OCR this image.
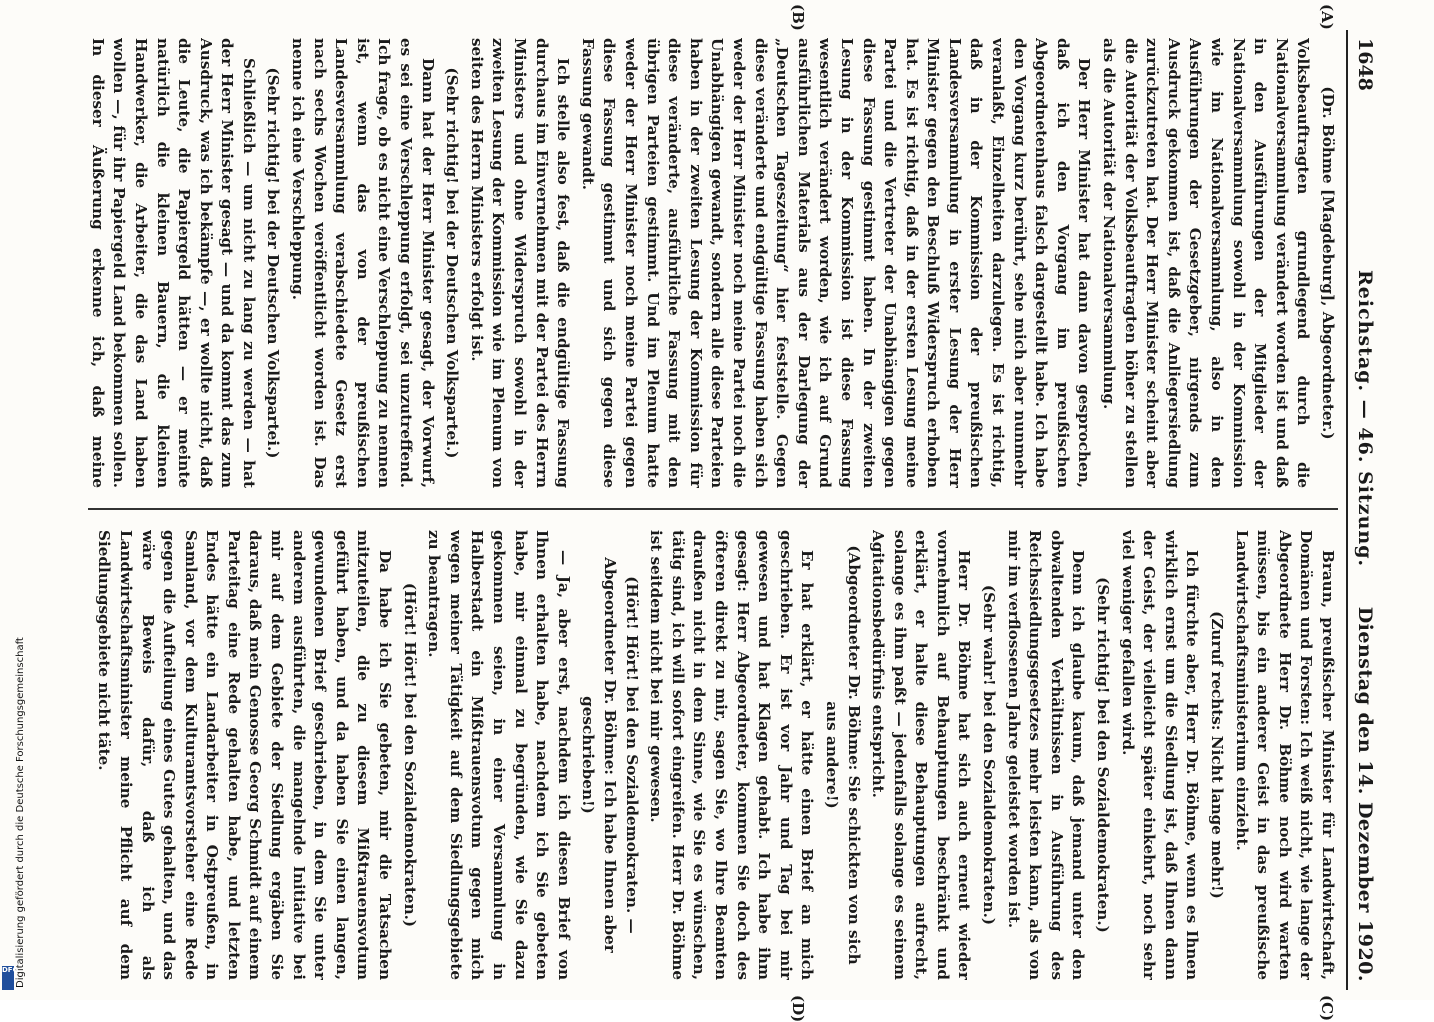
1648
Reichstag. — 46. Sitzung.
Dienstag den 14. Dezember 1920.
(A)
(B)
(C)
(D)

(Dr. Böhme [Magdeburg], Abgeordneter.)

Volksbeauftragten grundlegend durch die Nationalversammlung verändert worden ist und daß in den Ausführungen der Mitglieder der Nationalversammlung sowohl in der Kommission wie im Nationalversammlung, also in den Ausführungen der Gesetzgeber, nirgends zum Ausdruck gekommen ist, daß die Anliegersiedlung zurückzutreten hat. Der Herr Minister scheint aber die Autorität der Volksbeauftragten höher zu stellen als die Autorität der Nationalversammlung.

Der Herr Minister hat dann davon gesprochen, daß ich den Vorgang im preußischen Abgeordnetenhaus falsch dargestellt habe. Ich habe den Vorgang kurz berührt, sehe mich aber nunmehr veranlaßt, Einzelheiten darzulegen. Es ist richtig, daß in der Kommission der preußischen Landesversammlung in erster Lesung der Herr Minister gegen den Beschluß Widerspruch erhoben hat. Es ist richtig, daß in der ersten Lesung meine Partei und die Vertreter der Unabhängigen gegen diese Fassung gestimmt haben. In der zweiten Lesung in der Kommission ist diese Fassung wesentlich verändert worden, wie ich auf Grund ausführlichen Materials aus der Darlegung der „Deutschen Tageszeitung“ hier feststelle. Gegen diese veränderte und endgültige Fassung haben sich weder der Herr Minister noch meine Partei noch die Unabhängigen gewandt, sondern alle diese Parteien haben in der zweiten Lesung der Kommission für diese veränderte, ausführliche Fassung mit den übrigen Parteien gestimmt. Und im Plenum hatte weder der Herr Minister noch meine Partei gegen diese Fassung gestimmt und sich gegen diese Fassung gewandt.

Ich stelle also fest, daß die endgültige Fassung durchaus im Einvernehmen mit der Partei des Herrn Ministers und ohne Widerspruch sowohl in der zweiten Lesung der Kommission wie im Plenum von seiten des Herrn Ministers erfolgt ist.

(Sehr richtig! bei der Deutschen Volkspartei.)

Dann hat der Herr Minister gesagt, der Vorwurf, es sei eine Verschleppung erfolgt, sei unzutreffend. Ich frage, ob es nicht eine Verschleppung zu nennen ist, wenn das von der preußischen Landesversammlung verabschiedete Gesetz erst nach sechs Wochen veröffentlicht worden ist. Das nenne ich eine Verschleppung.

(Sehr richtig! bei der Deutschen Volkspartei.)

Schließlich — um nicht zu lang zu werden — hat der Herr Minister gesagt — und da kommt das zum Ausdruck, was ich bekämpfe —, er wollte nicht, daß die Leute, die Papiergeld hätten — er meinte natürlich die kleinen Bauern, die kleinen Handwerker, die Arbeiter, die das Land haben wollen —, für ihr Papiergeld Land bekommen sollen. In dieser Äußerung erkenne ich, daß meine

Braun, preußischer Minister für Landwirtschaft, Domänen und Forsten: Ich weiß nicht, wie lange der Abgeordnete Herr Dr. Böhme noch wird warten müssen, bis ein anderer Geist in das preußische Landwirtschaftsministerium einzieht.

(Zuruf rechts: Nicht lange mehr!)

Ich fürchte aber, Herr Dr. Böhme, wenn es Ihnen wirklich ernst um die Siedlung ist, daß Ihnen dann der Geist, der vielleicht später einkehrt, noch sehr viel weniger gefallen wird.

(Sehr richtig! bei den Sozialdemokraten.)

Denn ich glaube kaum, daß jemand unter den obwaltenden Verhältnissen in Ausführung des Reichssiedlungsgesetzes mehr leisten kann, als von mir im verflossenen Jahre geleistet worden ist.

(Sehr wahr! bei den Sozialdemokraten.)

Herr Dr. Böhme hat sich auch erneut wieder vornehmlich auf Behauptungen beschränkt und erklärt, er halte diese Behauptungen aufrecht, solange es ihm paßt — jedenfalls solange es seinem Agitationsbedürfnis entspricht.

(Abgeordneter Dr. Böhme: Sie schickten von sich aus andere!)

Er hat erklärt, er hätte einen Brief an mich geschrieben. Er ist vor Jahr und Tag bei mir gewesen und hat Klagen gehabt. Ich habe ihm gesagt: Herr Abgeordneter, kommen Sie doch des öfteren direkt zu mir, sagen Sie, wo Ihre Beamten draußen nicht in dem Sinne, wie Sie es wünschen, tätig sind, ich will sofort eingreifen. Herr Dr. Böhme ist seitdem nicht bei mir gewesen.

(Hört! Hört! bei den Sozialdemokraten. — Abgeordneter Dr. Böhme: Ich habe Ihnen aber geschrieben!)

— Ja, aber erst, nachdem ich diesen Brief von Ihnen erhalten habe, nachdem ich Sie gebeten habe, mir einmal zu begründen, wie Sie dazu gekommen seien, in einer Versammlung in Halberstadt ein Mißtrauensvotum gegen mich wegen meiner Tätigkeit auf dem Siedlungsgebiete zu beantragen.

(Hört! Hört! bei den Sozialdemokraten.)

Da habe ich Sie gebeten, mir die Tatsachen mitzuteilen, die zu diesem Mißtrauensvotum geführt haben, und da haben Sie einen langen, gewundenen Brief geschrieben, in dem Sie unter anderem ausführten, die mangelnde Initiative bei mir auf dem Gebiete der Siedlung ergäben Sie daraus, daß mein Genosse Georg Schmidt auf einem Parteitag eine Rede gehalten habe, und letzten Endes hätte ein Landarbeiter in Ostpreußen, in Samland, vor dem Kulturamtsvorsteher eine Rede gegen die Aufteilung eines Gutes gehalten, und das wäre Beweis dafür, daß ich als Landwirtschaftsminister meine Pflicht auf dem Siedlungsgebiete nicht täte.

Digitalisierung gefördert durch die Deutsche Forschungsgemeinschaft
DFG
